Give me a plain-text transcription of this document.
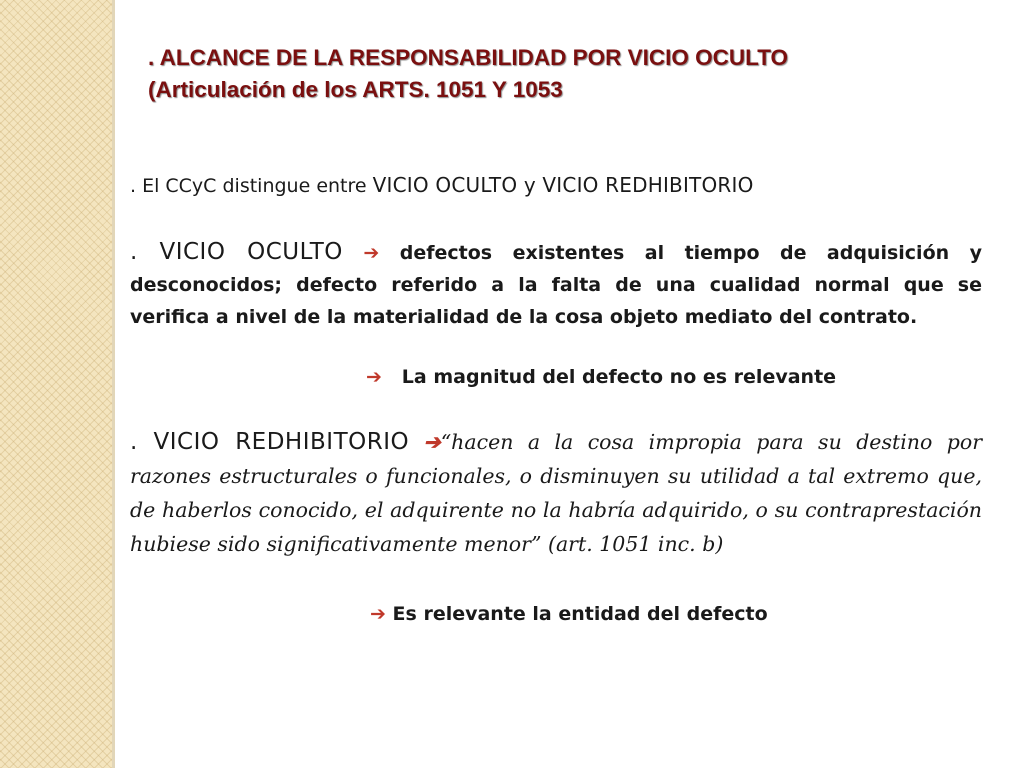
. ALCANCE DE LA RESPONSABILIDAD POR VICIO OCULTO
(Articulación de los ARTS. 1051 Y 1053
. El CCyC distingue entre VICIO OCULTO y VICIO REDHIBITORIO
. VICIO OCULTO ➔ defectos existentes al tiempo de adquisición y desconocidos; defecto referido a la falta de una cualidad normal que se verifica a nivel de la materialidad de la cosa objeto mediato del contrato.
➔ La magnitud del defecto no es relevante
. VICIO REDHIBITORIO ➔“hacen a la cosa impropia para su destino por razones estructurales o funcionales, o disminuyen su utilidad a tal extremo que, de haberlos conocido, el adquirente no la habría adquirido, o su contraprestación hubiese sido significativamente menor” (art. 1051 inc. b)
➔ Es relevante la entidad del defecto
